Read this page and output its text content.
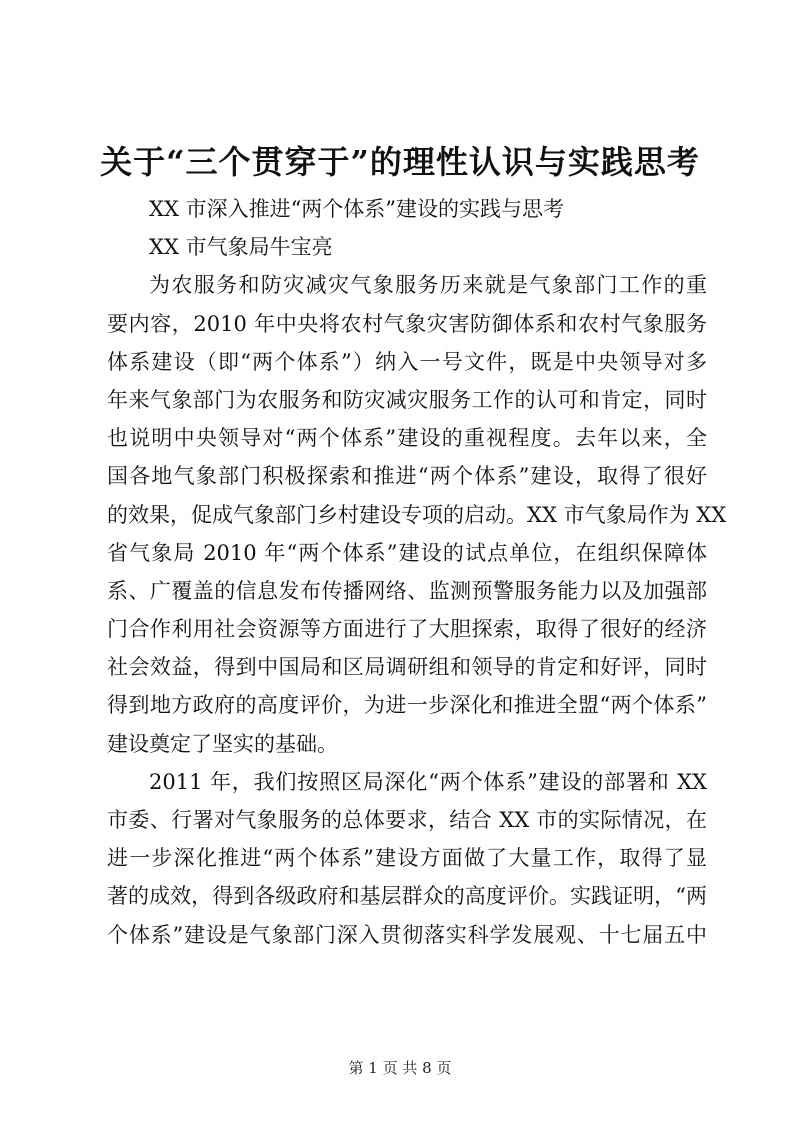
关于“三个贯穿于”的理性认识与实践思考
XX 市深入推进“两个体系”建设的实践与思考
XX 市气象局牛宝亮
为农服务和防灾减灾气象服务历来就是气象部门工作的重
要内容，2010 年中央将农村气象灾害防御体系和农村气象服务
体系建设（即“两个体系”）纳入一号文件，既是中央领导对多
年来气象部门为农服务和防灾减灾服务工作的认可和肯定，同时
也说明中央领导对“两个体系”建设的重视程度。去年以来，全
国各地气象部门积极探索和推进“两个体系”建设，取得了很好
的效果，促成气象部门乡村建设专项的启动。XX 市气象局作为 XX
省气象局 2010 年“两个体系”建设的试点单位，在组织保障体
系、广覆盖的信息发布传播网络、监测预警服务能力以及加强部
门合作利用社会资源等方面进行了大胆探索，取得了很好的经济
社会效益，得到中国局和区局调研组和领导的肯定和好评，同时
得到地方政府的高度评价，为进一步深化和推进全盟“两个体系”
建设奠定了坚实的基础。
2011 年，我们按照区局深化“两个体系”建设的部署和 XX
市委、行署对气象服务的总体要求，结合 XX 市的实际情况，在
进一步深化推进“两个体系”建设方面做了大量工作，取得了显
著的成效，得到各级政府和基层群众的高度评价。实践证明，“两
个体系”建设是气象部门深入贯彻落实科学发展观、十七届五中
第 1 页 共 8 页
